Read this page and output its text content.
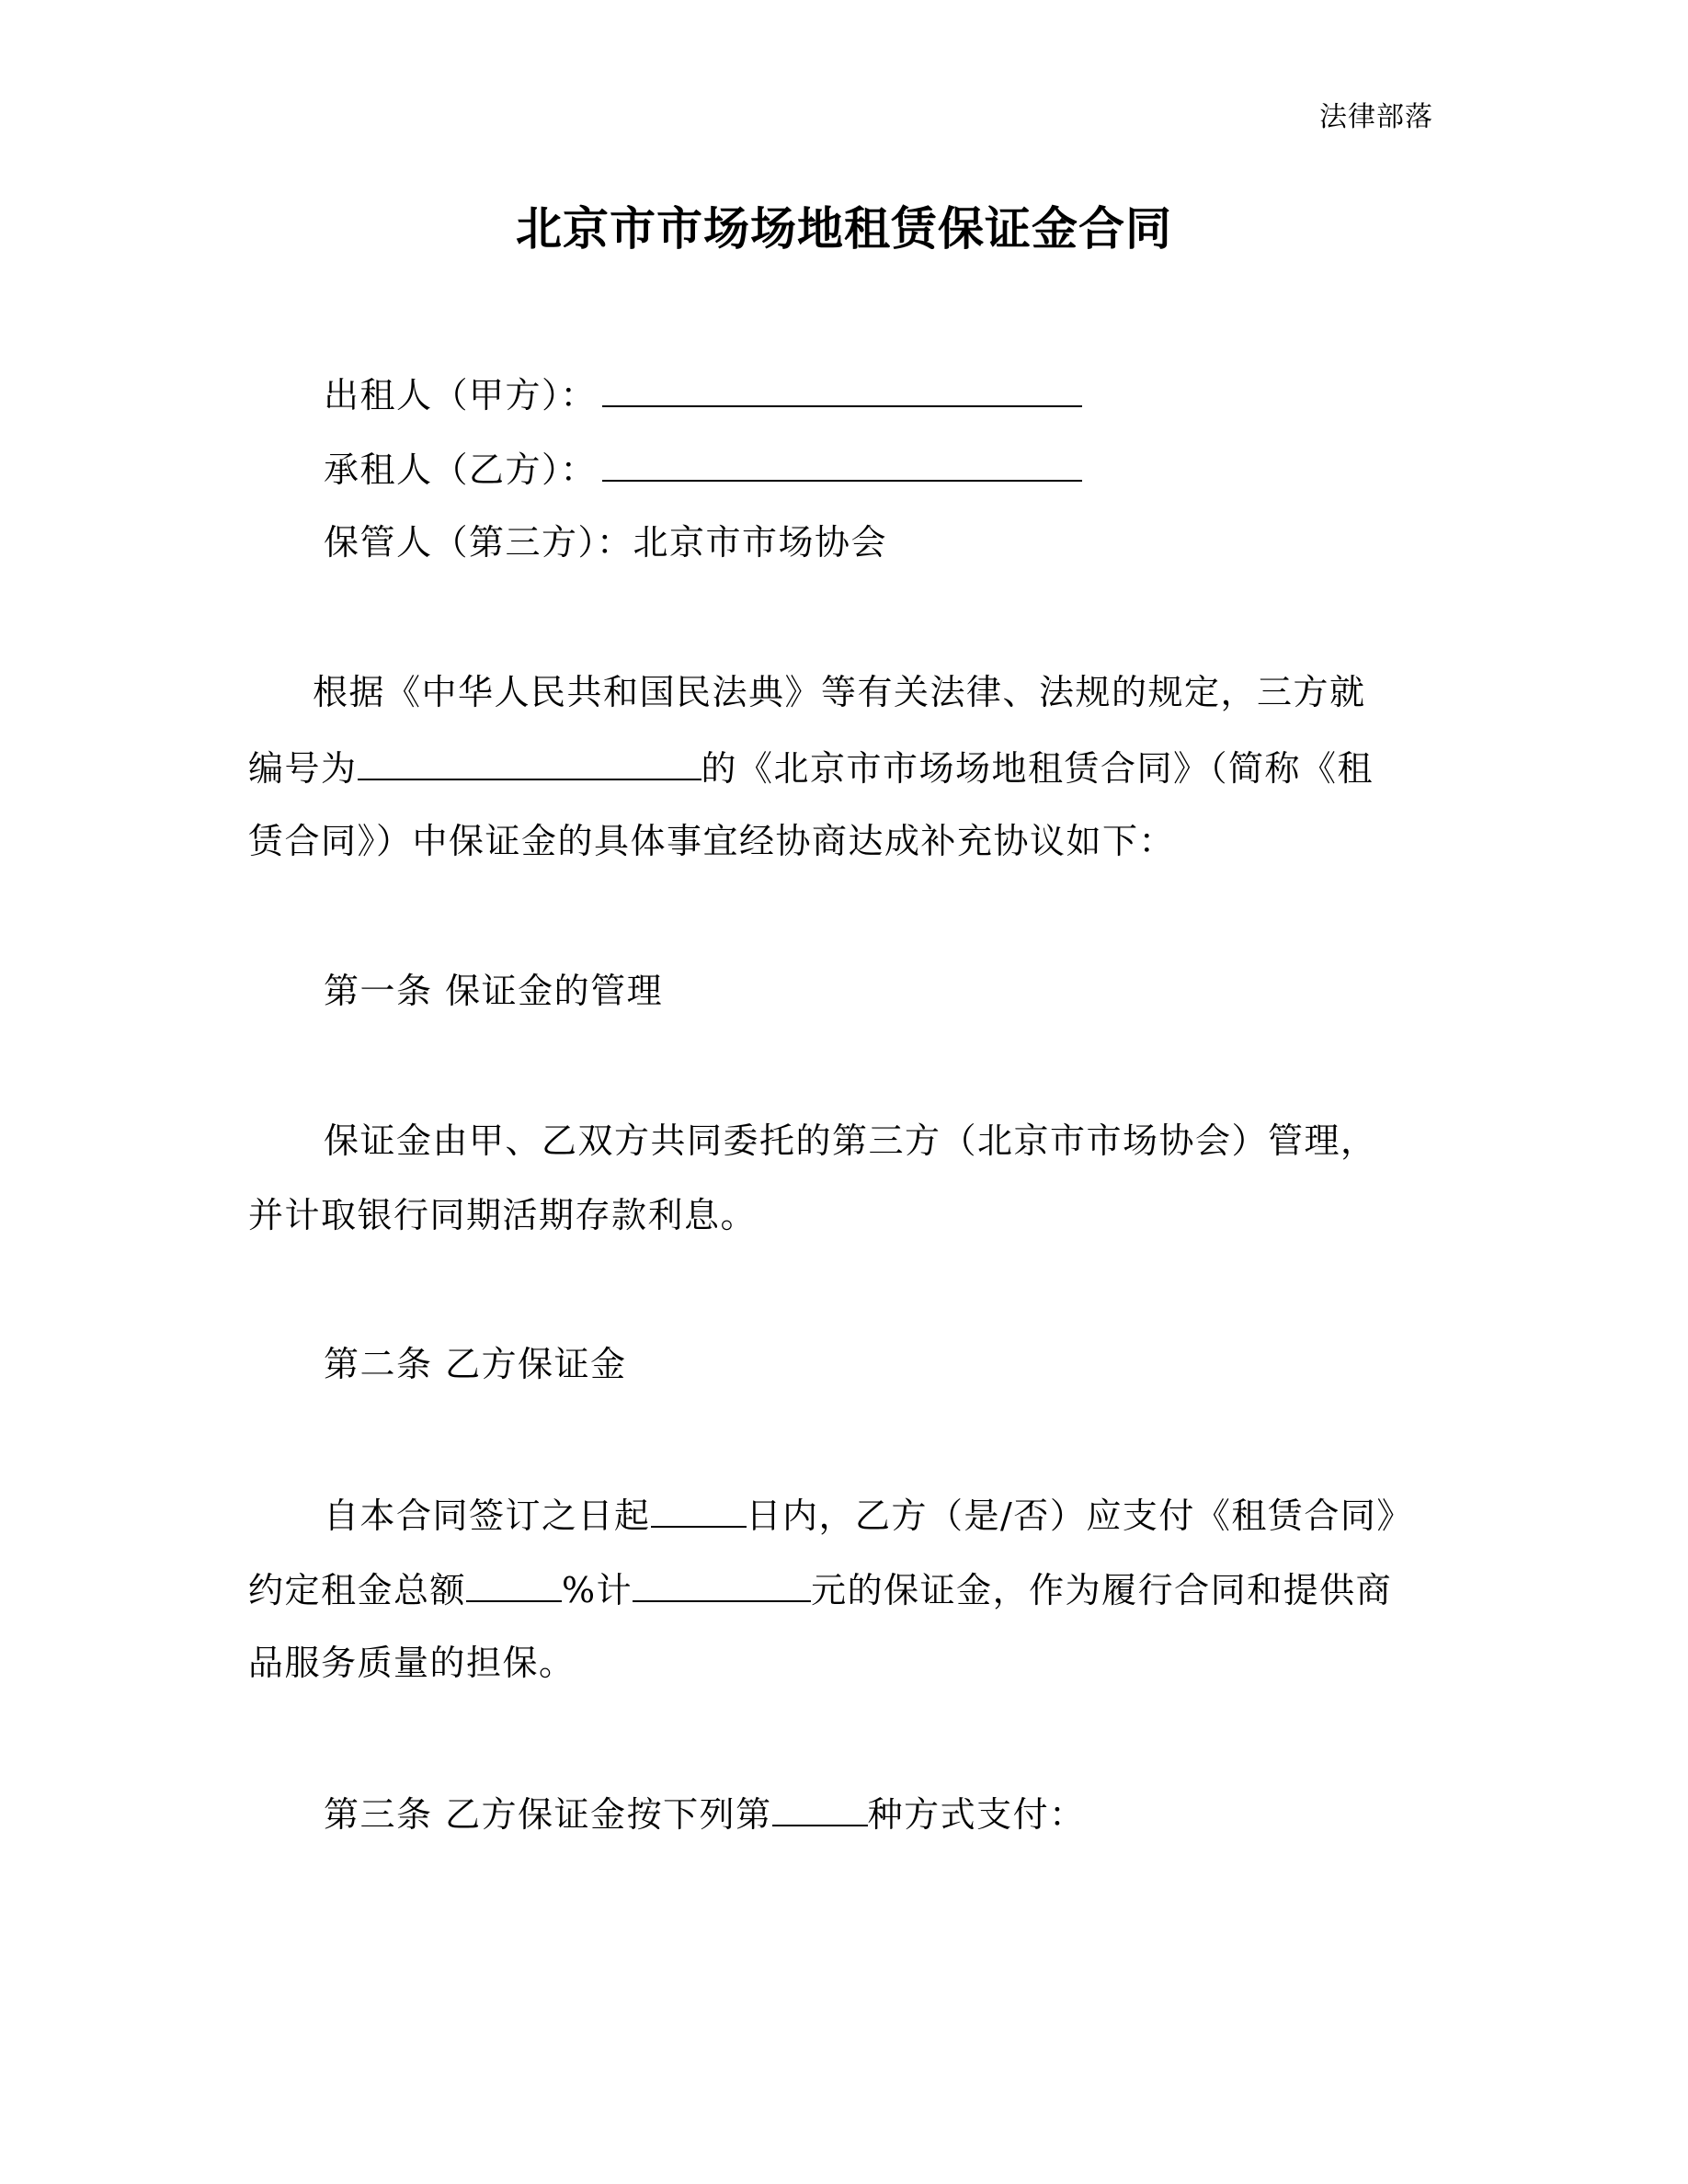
法律部落
北京市市场场地租赁保证金合同
出租人（甲方）：
承租人（乙方）：
保管人（第三方）：北京市市场协会
根据《中华人民共和国民法典》等有关法律、法规的规定，三方就
编号为	的《北京市市场场地租赁合同》（简称《租
赁合同》）中保证金的具体事宜经协商达成补充协议如下：
第一条 保证金的管理
保证金由甲、乙双方共同委托的第三方（北京市市场协会）管理，
并计取银行同期活期存款利息。
第二条 乙方保证金
自本合同签订之日起	日内，乙方（是/否）应支付《租赁合同》
约定租金总额	%计	元的保证金，作为履行合同和提供商
品服务质量的担保。
第三条 乙方保证金按下列第	种方式支付：
